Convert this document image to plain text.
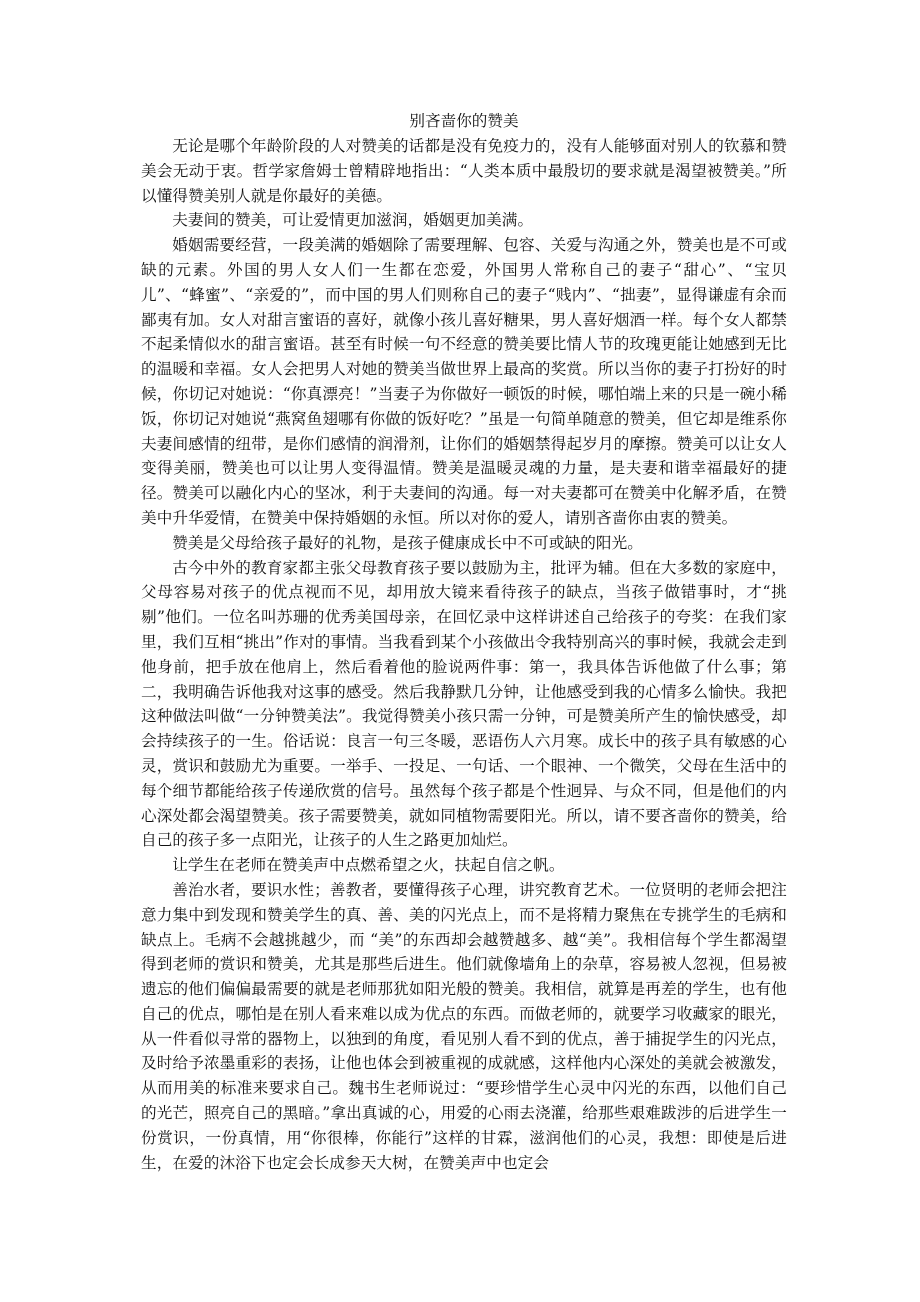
别吝啬你的赞美

无论是哪个年龄阶段的人对赞美的话都是没有免疫力的，没有人能够面对别人的钦慕和赞美会无动于衷。哲学家詹姆士曾精辟地指出：“人类本质中最殷切的要求就是渴望被赞美。”所以懂得赞美别人就是你最好的美德。

夫妻间的赞美，可让爱情更加滋润，婚姻更加美满。

婚姻需要经营，一段美满的婚姻除了需要理解、包容、关爱与沟通之外，赞美也是不可或缺的元素。外国的男人女人们一生都在恋爱，外国男人常称自己的妻子“甜心”、“宝贝儿”、“蜂蜜”、“亲爱的”，而中国的男人们则称自己的妻子“贱内”、“拙妻”，显得谦虚有余而鄙夷有加。女人对甜言蜜语的喜好，就像小孩儿喜好糖果，男人喜好烟酒一样。每个女人都禁不起柔情似水的甜言蜜语。甚至有时候一句不经意的赞美要比情人节的玫瑰更能让她感到无比的温暖和幸福。女人会把男人对她的赞美当做世界上最高的奖赏。所以当你的妻子打扮好的时候，你切记对她说：“你真漂亮！”当妻子为你做好一顿饭的时候，哪怕端上来的只是一碗小稀饭，你切记对她说“燕窝鱼翅哪有你做的饭好吃？”虽是一句简单随意的赞美，但它却是维系你夫妻间感情的纽带，是你们感情的润滑剂，让你们的婚姻禁得起岁月的摩擦。赞美可以让女人变得美丽，赞美也可以让男人变得温情。赞美是温暖灵魂的力量，是夫妻和谐幸福最好的捷径。赞美可以融化内心的坚冰，利于夫妻间的沟通。每一对夫妻都可在赞美中化解矛盾，在赞美中升华爱情，在赞美中保持婚姻的永恒。所以对你的爱人，请别吝啬你由衷的赞美。

赞美是父母给孩子最好的礼物，是孩子健康成长中不可或缺的阳光。

古今中外的教育家都主张父母教育孩子要以鼓励为主，批评为辅。但在大多数的家庭中，父母容易对孩子的优点视而不见，却用放大镜来看待孩子的缺点，当孩子做错事时，才“挑剔”他们。一位名叫苏珊的优秀美国母亲，在回忆录中这样讲述自己给孩子的夸奖：在我们家里，我们互相“挑出”作对的事情。当我看到某个小孩做出令我特别高兴的事时候，我就会走到他身前，把手放在他肩上，然后看着他的脸说两件事：第一，我具体告诉他做了什么事；第二，我明确告诉他我对这事的感受。然后我静默几分钟，让他感受到我的心情多么愉快。我把这种做法叫做“一分钟赞美法”。我觉得赞美小孩只需一分钟，可是赞美所产生的愉快感受，却会持续孩子的一生。俗话说：良言一句三冬暖，恶语伤人六月寒。成长中的孩子具有敏感的心灵，赏识和鼓励尤为重要。一举手、一投足、一句话、一个眼神、一个微笑，父母在生活中的每个细节都能给孩子传递欣赏的信号。虽然每个孩子都是个性迥异、与众不同，但是他们的内心深处都会渴望赞美。孩子需要赞美，就如同植物需要阳光。所以，请不要吝啬你的赞美，给自己的孩子多一点阳光，让孩子的人生之路更加灿烂。

让学生在老师在赞美声中点燃希望之火，扶起自信之帆。

善治水者，要识水性；善教者，要懂得孩子心理，讲究教育艺术。一位贤明的老师会把注意力集中到发现和赞美学生的真、善、美的闪光点上，而不是将精力聚焦在专挑学生的毛病和缺点上。毛病不会越挑越少，而 “美”的东西却会越赞越多、越“美”。我相信每个学生都渴望得到老师的赏识和赞美，尤其是那些后进生。他们就像墙角上的杂草，容易被人忽视，但易被遗忘的他们偏偏最需要的就是老师那犹如阳光般的赞美。我相信，就算是再差的学生，也有他自己的优点，哪怕是在别人看来难以成为优点的东西。而做老师的，就要学习收藏家的眼光，从一件看似寻常的器物上，以独到的角度，看见别人看不到的优点，善于捕捉学生的闪光点，及时给予浓墨重彩的表扬，让他也体会到被重视的成就感，这样他内心深处的美就会被激发，从而用美的标准来要求自己。魏书生老师说过：“要珍惜学生心灵中闪光的东西，以他们自己的光芒，照亮自己的黑暗。”拿出真诚的心，用爱的心雨去浇灌，给那些艰难跋涉的后进学生一份赏识，一份真情，用“你很棒，你能行”这样的甘霖，滋润他们的心灵，我想：即使是后进生，在爱的沐浴下也定会长成参天大树，在赞美声中也定会
